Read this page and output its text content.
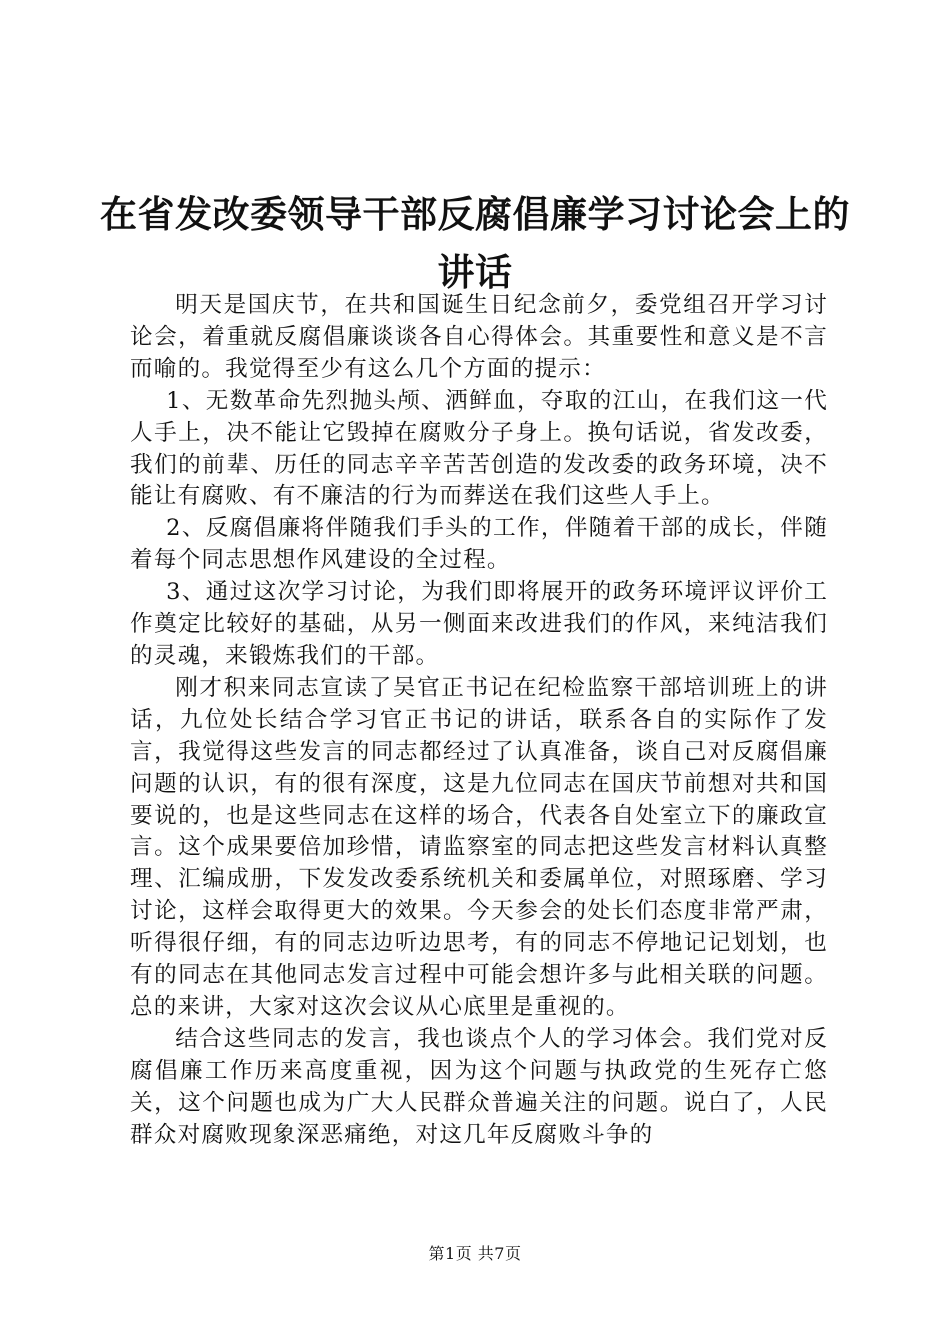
在省发改委领导干部反腐倡廉学习讨论会上的讲话

明天是国庆节，在共和国诞生日纪念前夕，委党组召开学习讨论会，着重就反腐倡廉谈谈各自心得体会。其重要性和意义是不言而喻的。我觉得至少有这么几个方面的提示：

1、无数革命先烈抛头颅、洒鲜血，夺取的江山，在我们这一代人手上，决不能让它毁掉在腐败分子身上。换句话说，省发改委，我们的前辈、历任的同志辛辛苦苦创造的发改委的政务环境，决不能让有腐败、有不廉洁的行为而葬送在我们这些人手上。

2、反腐倡廉将伴随我们手头的工作，伴随着干部的成长，伴随着每个同志思想作风建设的全过程。

3、通过这次学习讨论，为我们即将展开的政务环境评议评价工作奠定比较好的基础，从另一侧面来改进我们的作风，来纯洁我们的灵魂，来锻炼我们的干部。

刚才积来同志宣读了吴官正书记在纪检监察干部培训班上的讲话，九位处长结合学习官正书记的讲话，联系各自的实际作了发言，我觉得这些发言的同志都经过了认真准备，谈自己对反腐倡廉问题的认识，有的很有深度，这是九位同志在国庆节前想对共和国要说的，也是这些同志在这样的场合，代表各自处室立下的廉政宣言。这个成果要倍加珍惜，请监察室的同志把这些发言材料认真整理、汇编成册，下发发改委系统机关和委属单位，对照琢磨、学习讨论，这样会取得更大的效果。今天参会的处长们态度非常严肃，听得很仔细，有的同志边听边思考，有的同志不停地记记划划，也有的同志在其他同志发言过程中可能会想许多与此相关联的问题。总的来讲，大家对这次会议从心底里是重视的。

结合这些同志的发言，我也谈点个人的学习体会。我们党对反腐倡廉工作历来高度重视，因为这个问题与执政党的生死存亡悠关，这个问题也成为广大人民群众普遍关注的问题。说白了，人民群众对腐败现象深恶痛绝，对这几年反腐败斗争的

第1页 共7页
